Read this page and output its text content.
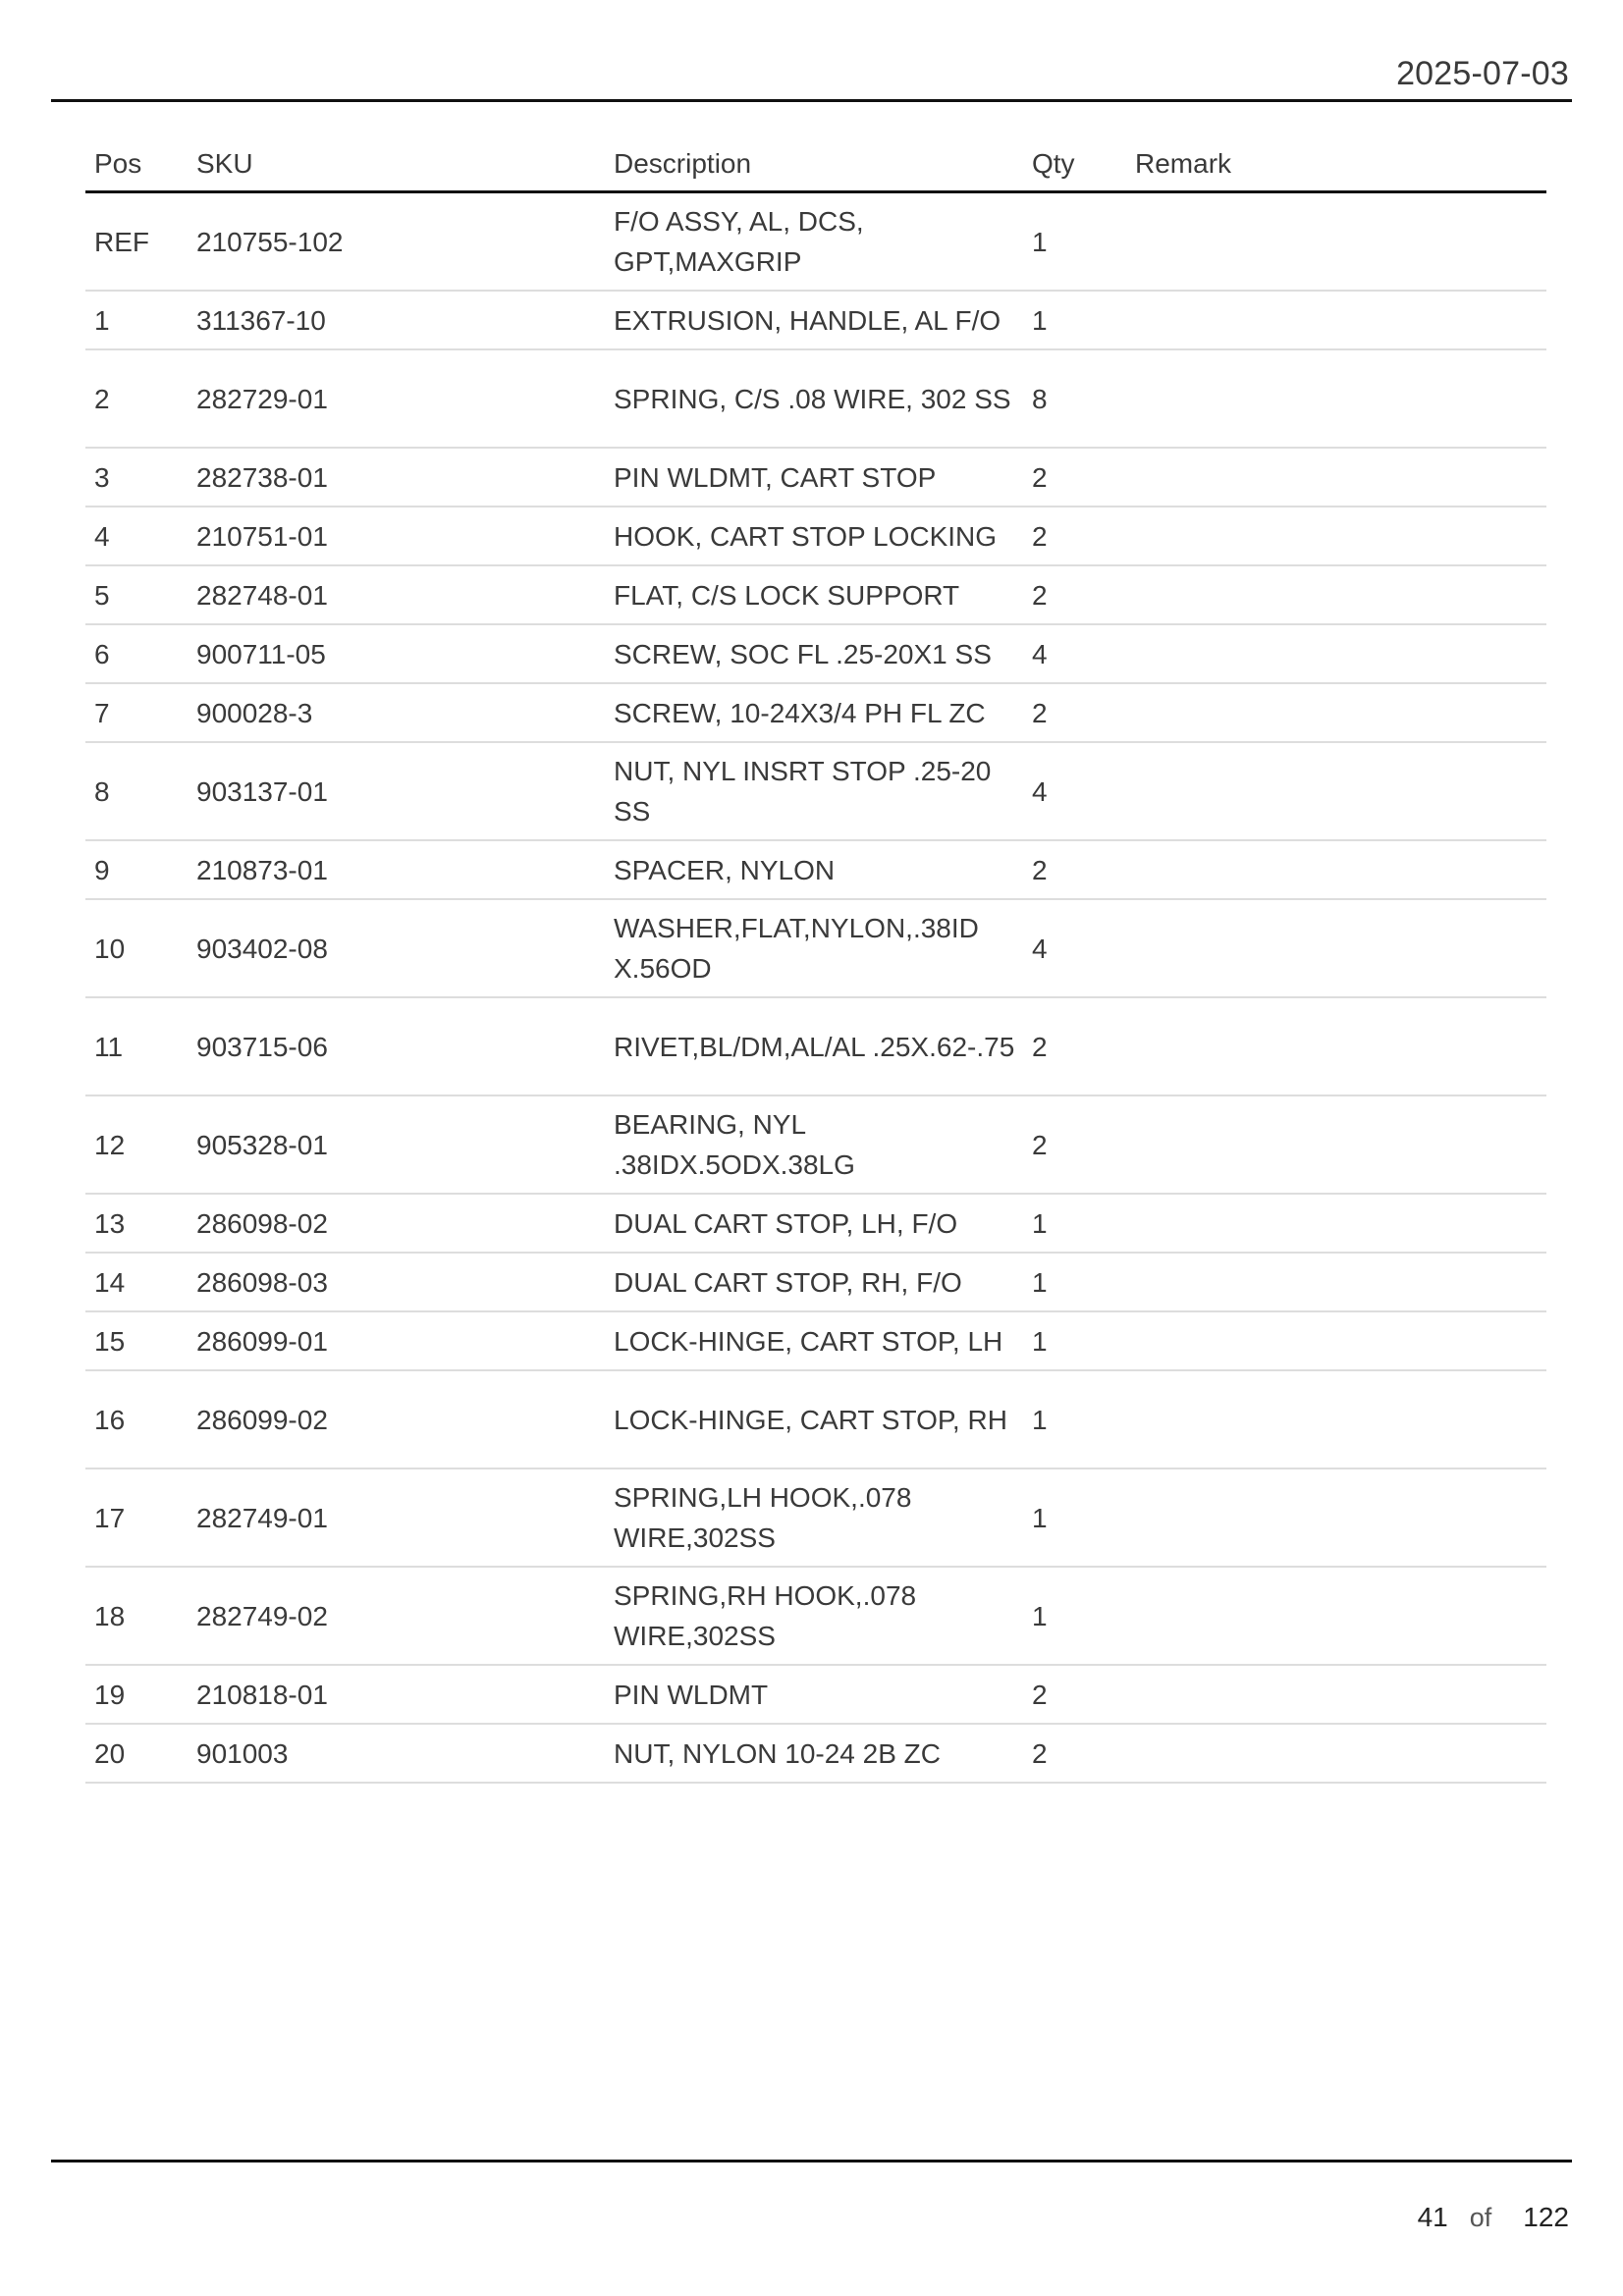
2025-07-03
Pos	SKU	Description	Qty	Remark
REF	210755-102	F/O ASSY, AL, DCS, GPT,MAXGRIP	1	
1	311367-10	EXTRUSION, HANDLE, AL F/O	1	
2	282729-01	SPRING, C/S .08 WIRE, 302 SS	8	
3	282738-01	PIN WLDMT, CART STOP	2	
4	210751-01	HOOK, CART STOP LOCKING	2	
5	282748-01	FLAT, C/S LOCK SUPPORT	2	
6	900711-05	SCREW, SOC FL .25-20X1 SS	4	
7	900028-3	SCREW, 10-24X3/4 PH FL ZC	2	
8	903137-01	NUT, NYL INSRT STOP .25-20 SS	4	
9	210873-01	SPACER, NYLON	2	
10	903402-08	WASHER,FLAT,NYLON,.38ID X.56OD	4	
11	903715-06	RIVET,BL/DM,AL/AL .25X.62-.75	2	
12	905328-01	BEARING, NYL .38IDX.5ODX.38LG	2	
13	286098-02	DUAL CART STOP, LH, F/O	1	
14	286098-03	DUAL CART STOP, RH, F/O	1	
15	286099-01	LOCK-HINGE, CART STOP, LH	1	
16	286099-02	LOCK-HINGE, CART STOP, RH	1	
17	282749-01	SPRING,LH HOOK,.078 WIRE,302SS	1	
18	282749-02	SPRING,RH HOOK,.078 WIRE,302SS	1	
19	210818-01	PIN WLDMT	2	
20	901003	NUT, NYLON 10-24 2B ZC	2	
41 of 122
